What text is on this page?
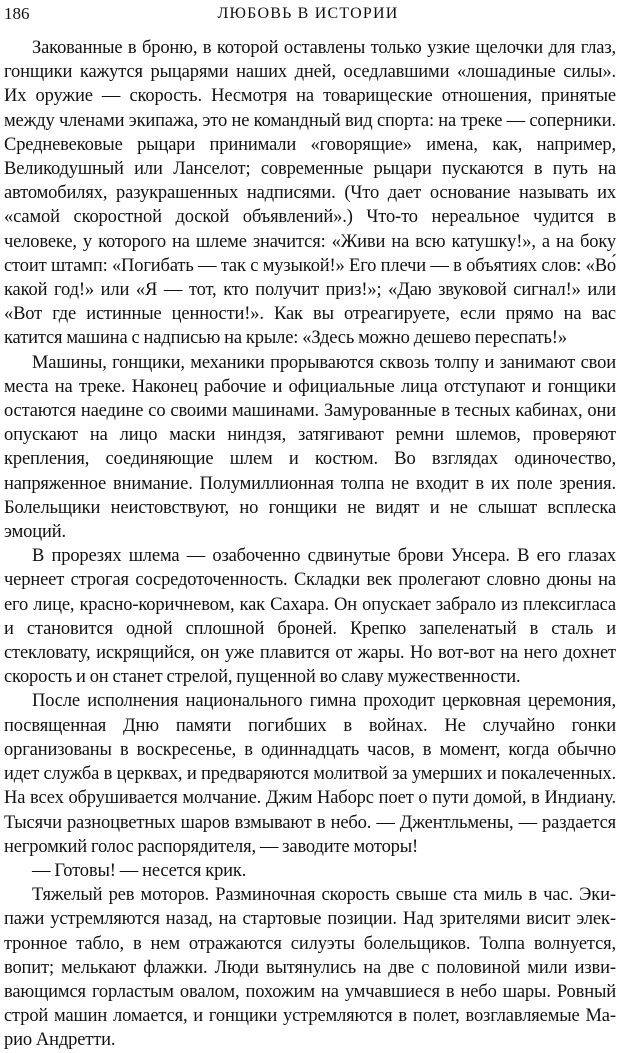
186	ЛЮБОВЬ В ИСТОРИИ

Закованные в броню, в которой оставлены только узкие щелочки для глаз, гонщики кажутся рыцарями наших дней, оседлавшими «лошадиные силы». Их оружие — скорость. Несмотря на товарищеские отношения, принятые между членами экипажа, это не командный вид спорта: на треке — соперники. Средневековые рыцари принимали «говорящие» имена, как, например, Великодушный или Ланселот; современные рыцари пускаются в путь на автомобилях, разукрашенных надписями. (Что дает основание называть их «самой скоростной доской объявлений».) Что-то нереальное чудится в человеке, у которого на шлеме значится: «Живи на всю катушку!», а на боку стоит штамп: «Погибать — так с музыкой!» Его плечи — в объятиях слов: «Во́ какой год!» или «Я — тот, кто получит приз!»; «Даю звуковой сигнал!» или «Вот где истинные ценности!». Как вы отреагируете, если прямо на вас катится машина с надписью на крыле: «Здесь можно дешево переспать!»

Машины, гонщики, механики прорываются сквозь толпу и занимают свои места на треке. Наконец рабочие и официальные лица отступают и гонщики остаются наедине со своими машинами. Замурованные в тесных кабинах, они опускают на лицо маски ниндзя, затягивают ремни шлемов, проверяют крепления, соединяющие шлем и костюм. Во взглядах одиночество, напряженное внимание. Полумиллионная толпа не входит в их поле зрения. Болельщики неистовствуют, но гонщики не видят и не слышат всплеска эмоций.

В прорезях шлема — озабоченно сдвинутые брови Унсера. В его глазах чернеет строгая сосредоточенность. Складки век пролегают словно дюны на его лице, красно-коричневом, как Сахара. Он опускает забрало из плексигласа и становится одной сплошной броней. Крепко запеленатый в сталь и стекловату, искрящийся, он уже плавится от жары. Но вот-вот на него дохнет скорость и он станет стрелой, пущенной во славу мужественности.

После исполнения национального гимна проходит церковная церемония, посвященная Дню памяти погибших в войнах. Не случайно гонки организованы в воскресенье, в одиннадцать часов, в момент, когда обычно идет служба в церквах, и предваряются молитвой за умерших и покалеченных. На всех обрушивается молчание. Джим Наборс поет о пути домой, в Индиану. Тысячи разноцветных шаров взмывают в небо. — Джентльмены, — раздается негромкий голос распорядителя, — заводите моторы!

— Готовы! — несется крик.

Тяжелый рев моторов. Разминочная скорость свыше ста миль в час. Экипажи устремляются назад, на стартовые позиции. Над зрителями висит электронное табло, в нем отражаются силуэты болельщиков. Толпа волнуется, вопит; мелькают флажки. Люди вытянулись на две с половиной мили извивающимся горластым овалом, похожим на умчавшиеся в небо шары. Ровный строй машин ломается, и гонщики устремляются в полет, возглавляемые Марио Андретти.
